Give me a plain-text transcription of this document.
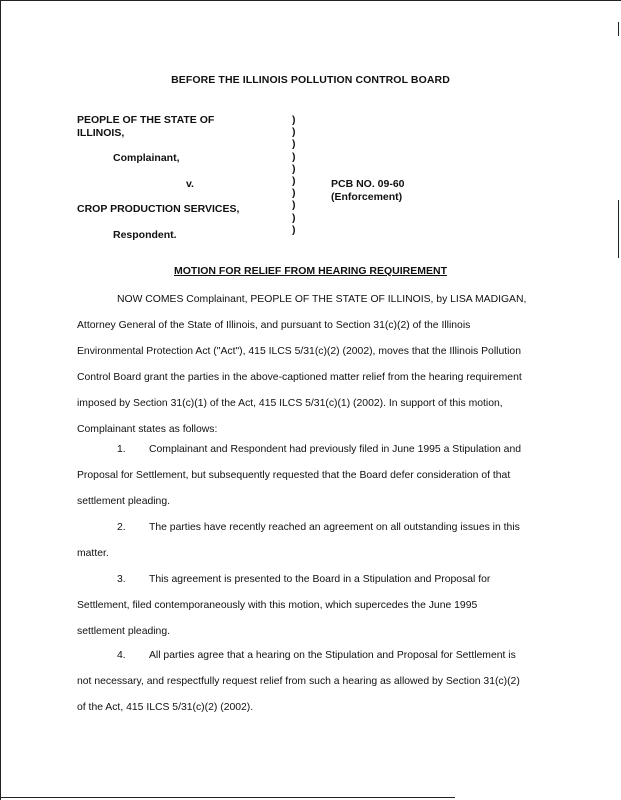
BEFORE THE ILLINOIS POLLUTION CONTROL BOARD
PEOPLE OF THE STATE OF
ILLINOIS,
Complainant,
v.
CROP PRODUCTION SERVICES,
Respondent.
)
)
)
)
)
)
)
)
)
)
PCB NO. 09-60
(Enforcement)
MOTION FOR RELIEF FROM HEARING REQUIREMENT

NOW COMES Complainant, PEOPLE OF THE STATE OF ILLINOIS, by LISA MADIGAN,

Attorney General of the State of Illinois, and pursuant to Section 31(c)(2) of the Illinois

Environmental Protection Act ("Act"), 415 ILCS 5/31(c)(2) (2002), moves that the Illinois Pollution

Control Board grant the parties in the above-captioned matter relief from the hearing requirement

imposed by Section 31(c)(1) of the Act, 415 ILCS 5/31(c)(1) (2002). In support of this motion,

Complainant states as follows:

1. Complainant and Respondent had previously filed in June 1995 a Stipulation and

Proposal for Settlement, but subsequently requested that the Board defer consideration of that

settlement pleading.

2. The parties have recently reached an agreement on all outstanding issues in this

matter.

3. This agreement is presented to the Board in a Stipulation and Proposal for

Settlement, filed contemporaneously with this motion, which supercedes the June 1995

settlement pleading.

4. All parties agree that a hearing on the Stipulation and Proposal for Settlement is

not necessary, and respectfully request relief from such a hearing as allowed by Section 31(c)(2)

of the Act, 415 ILCS 5/31(c)(2) (2002).
